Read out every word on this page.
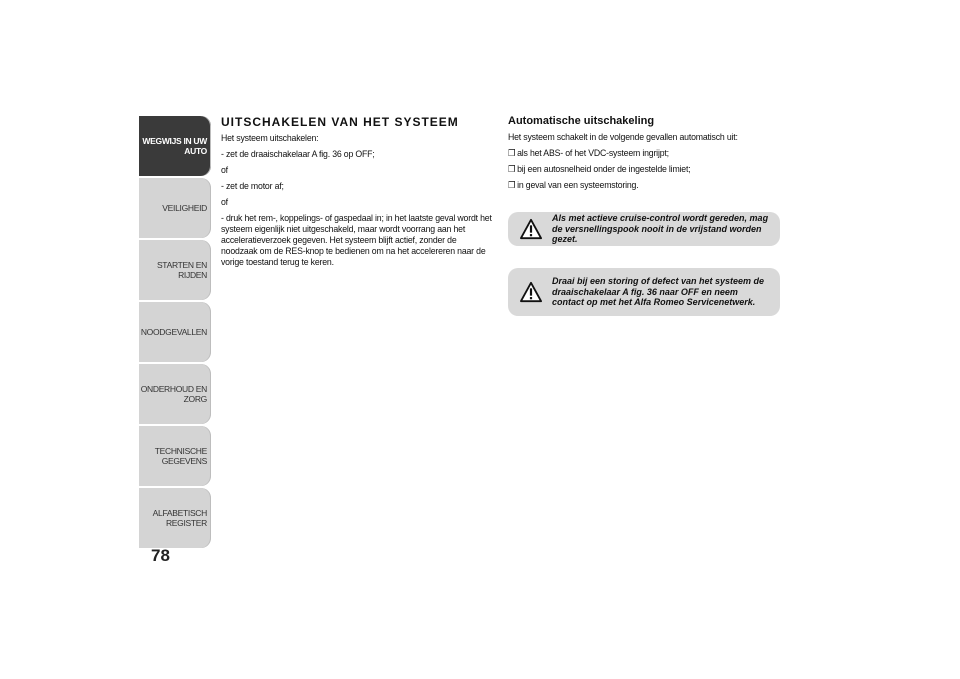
WEGWIJS IN UW AUTO
VEILIGHEID
STARTEN EN RIJDEN
NOODGEVALLEN
ONDERHOUD EN ZORG
TECHNISCHE GEGEVENS
ALFABETISCH REGISTER
78
UITSCHAKELEN VAN HET SYSTEEM
Het systeem uitschakelen:
- zet de draaischakelaar A fig. 36 op OFF;
of
- zet de motor af;
of
- druk het rem-, koppelings- of gaspedaal in; in het laatste geval wordt het systeem eigenlijk niet uitgeschakeld, maar wordt voorrang aan het acceleratieverzoek gegeven. Het systeem blijft actief, zonder de noodzaak om de RES-knop te bedienen om na het accelereren naar de vorige toestand terug te keren.
Automatische uitschakeling
Het systeem schakelt in de volgende gevallen automatisch uit:
❒ als het ABS- of het VDC-systeem ingrijpt;
❒ bij een autosnelheid onder de ingestelde limiet;
❒ in geval van een systeemstoring.
Als met actieve cruise-control wordt gereden, mag de versnellingspook nooit in de vrijstand worden gezet.
Draai bij een storing of defect van het systeem de draaischakelaar A fig. 36 naar OFF en neem contact op met het Alfa Romeo Servicenetwerk.
